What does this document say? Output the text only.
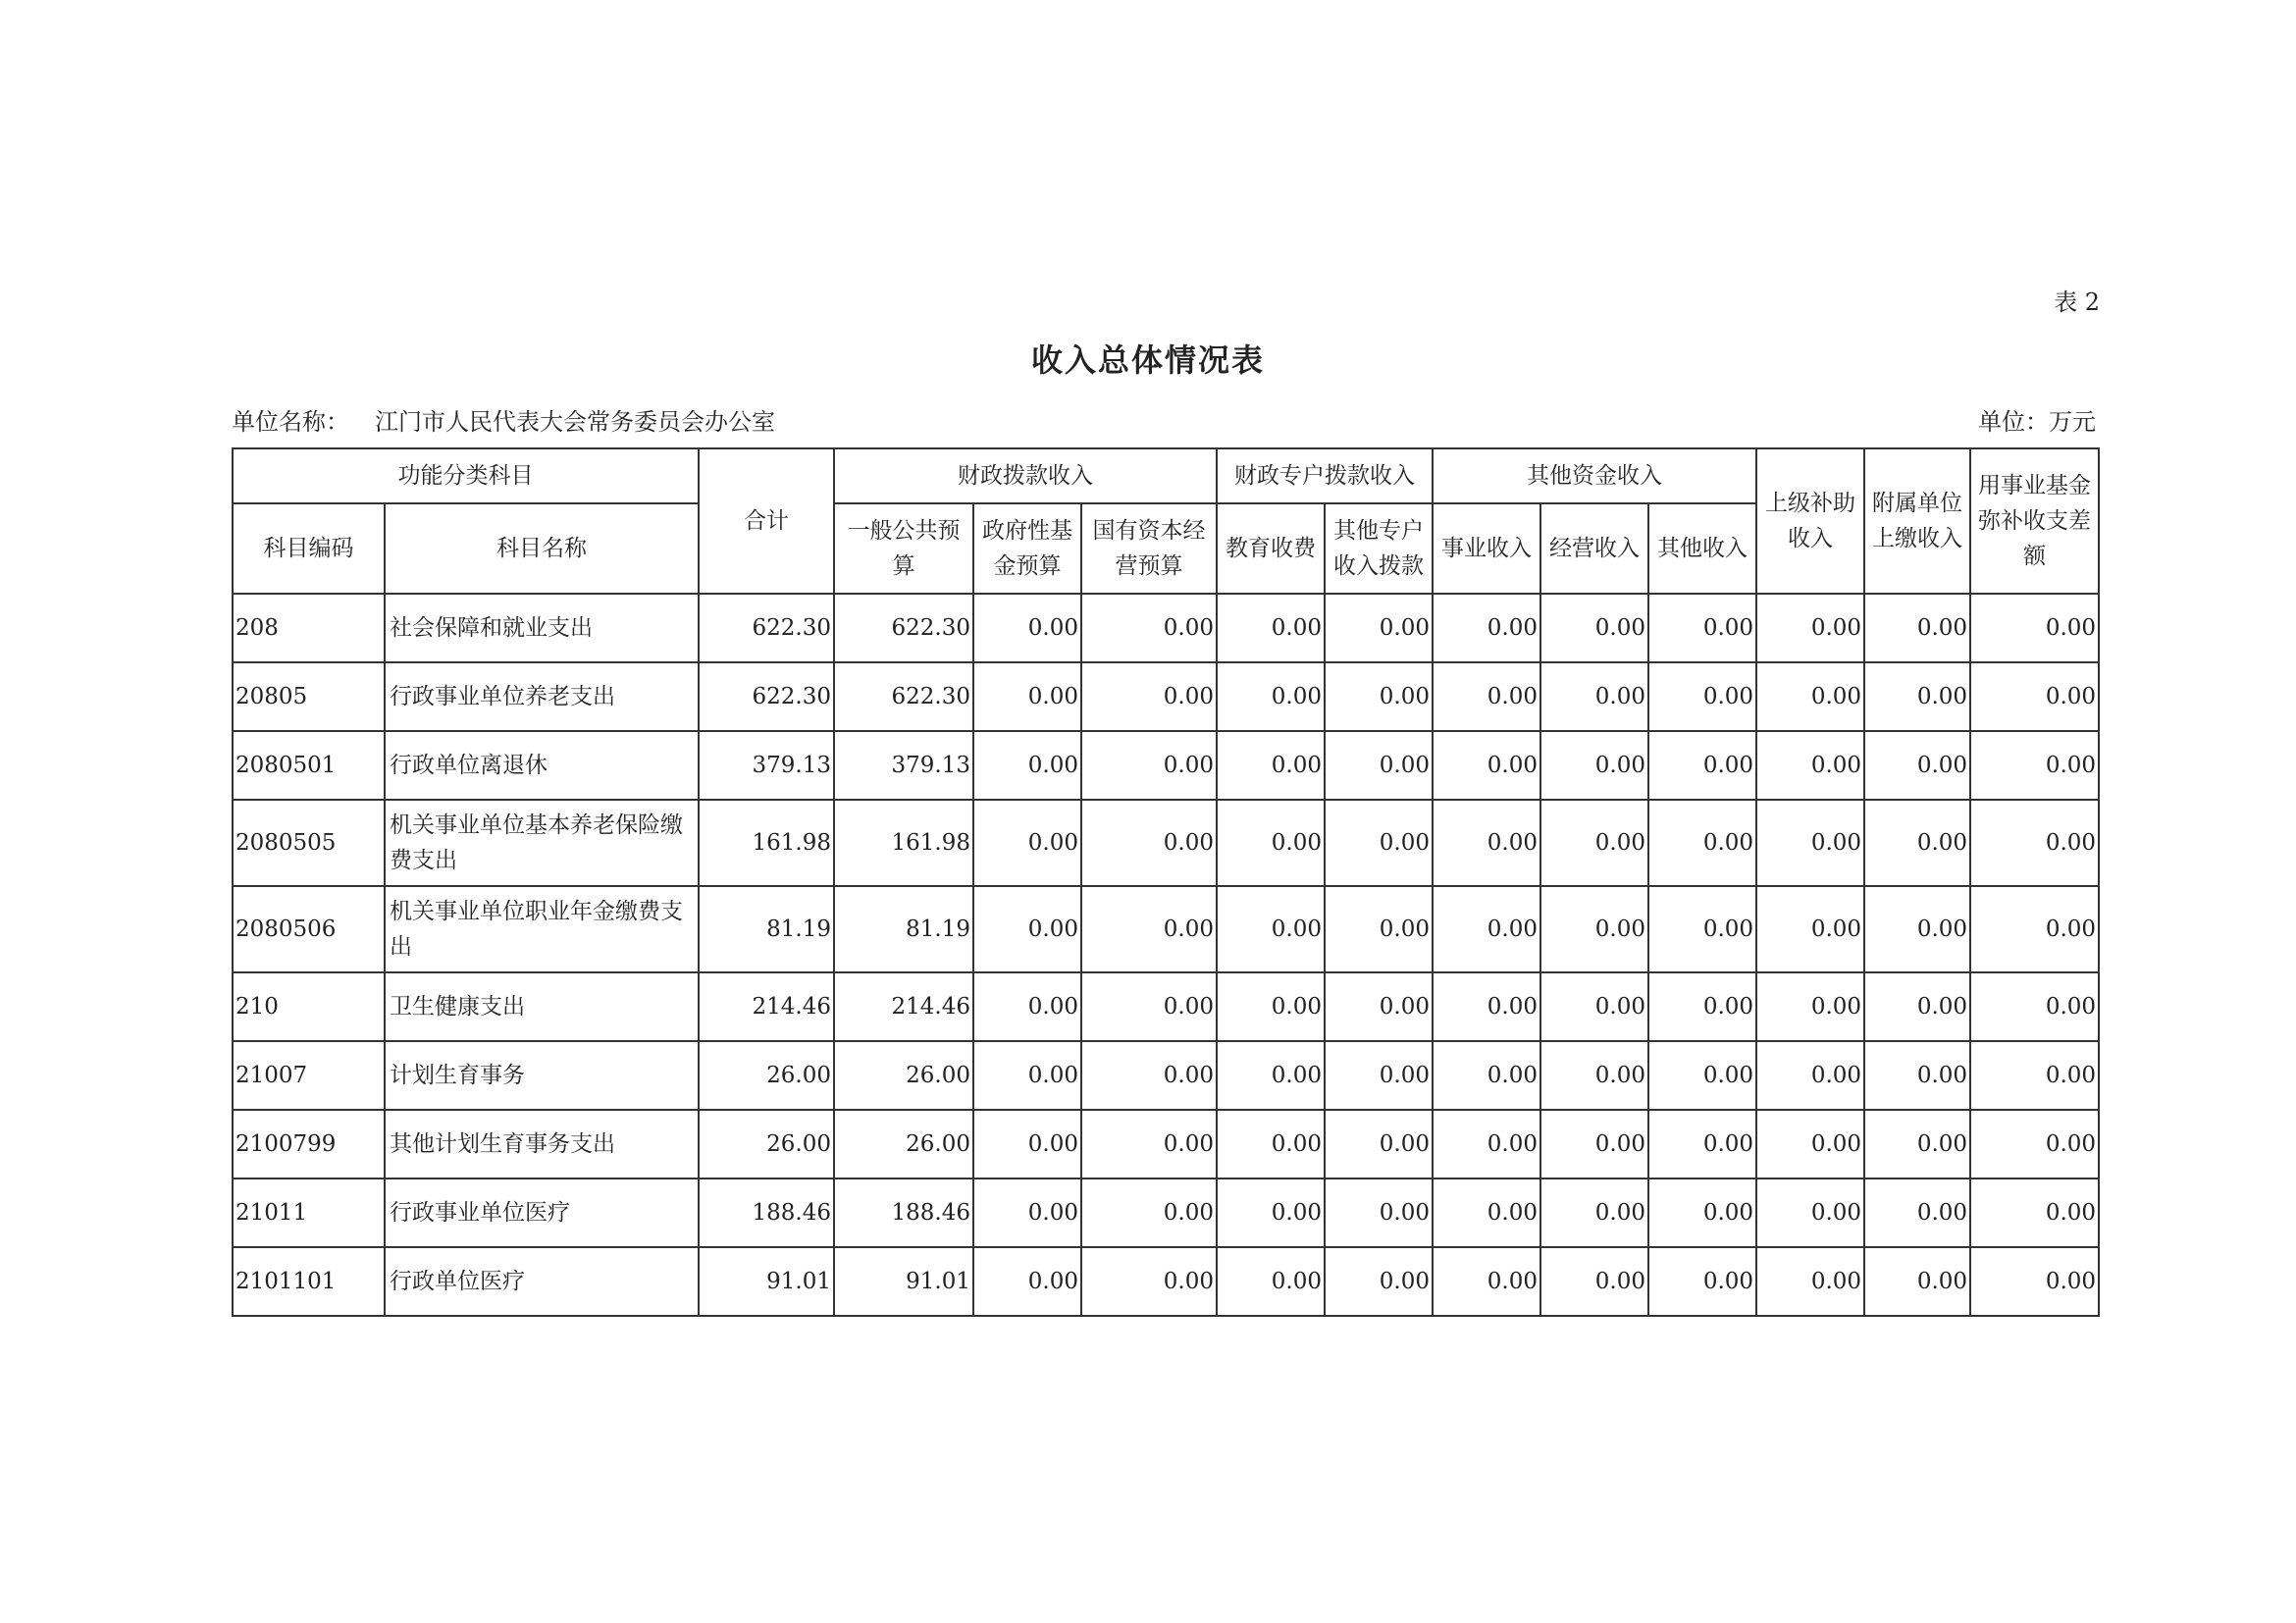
表 2
收入总体情况表
单位名称： 江门市人民代表大会常务委员会办公室	单位：万元
功能分类科目		合计	财政拨款收入			财政专户拨款收入		其他资金收入			上级补助收入	附属单位上缴收入	用事业基金弥补收支差额
科目编码	科目名称		一般公共预算	政府性基金预算	国有资本经营预算	教育收费	其他专户收入拨款	事业收入	经营收入	其他收入			
208	社会保障和就业支出	622.30	622.30	0.00	0.00	0.00	0.00	0.00	0.00	0.00	0.00	0.00	0.00
20805	行政事业单位养老支出	622.30	622.30	0.00	0.00	0.00	0.00	0.00	0.00	0.00	0.00	0.00	0.00
2080501	行政单位离退休	379.13	379.13	0.00	0.00	0.00	0.00	0.00	0.00	0.00	0.00	0.00	0.00
2080505	机关事业单位基本养老保险缴费支出	161.98	161.98	0.00	0.00	0.00	0.00	0.00	0.00	0.00	0.00	0.00	0.00
2080506	机关事业单位职业年金缴费支出	81.19	81.19	0.00	0.00	0.00	0.00	0.00	0.00	0.00	0.00	0.00	0.00
210	卫生健康支出	214.46	214.46	0.00	0.00	0.00	0.00	0.00	0.00	0.00	0.00	0.00	0.00
21007	计划生育事务	26.00	26.00	0.00	0.00	0.00	0.00	0.00	0.00	0.00	0.00	0.00	0.00
2100799	其他计划生育事务支出	26.00	26.00	0.00	0.00	0.00	0.00	0.00	0.00	0.00	0.00	0.00	0.00
21011	行政事业单位医疗	188.46	188.46	0.00	0.00	0.00	0.00	0.00	0.00	0.00	0.00	0.00	0.00
2101101	行政单位医疗	91.01	91.01	0.00	0.00	0.00	0.00	0.00	0.00	0.00	0.00	0.00	0.00
